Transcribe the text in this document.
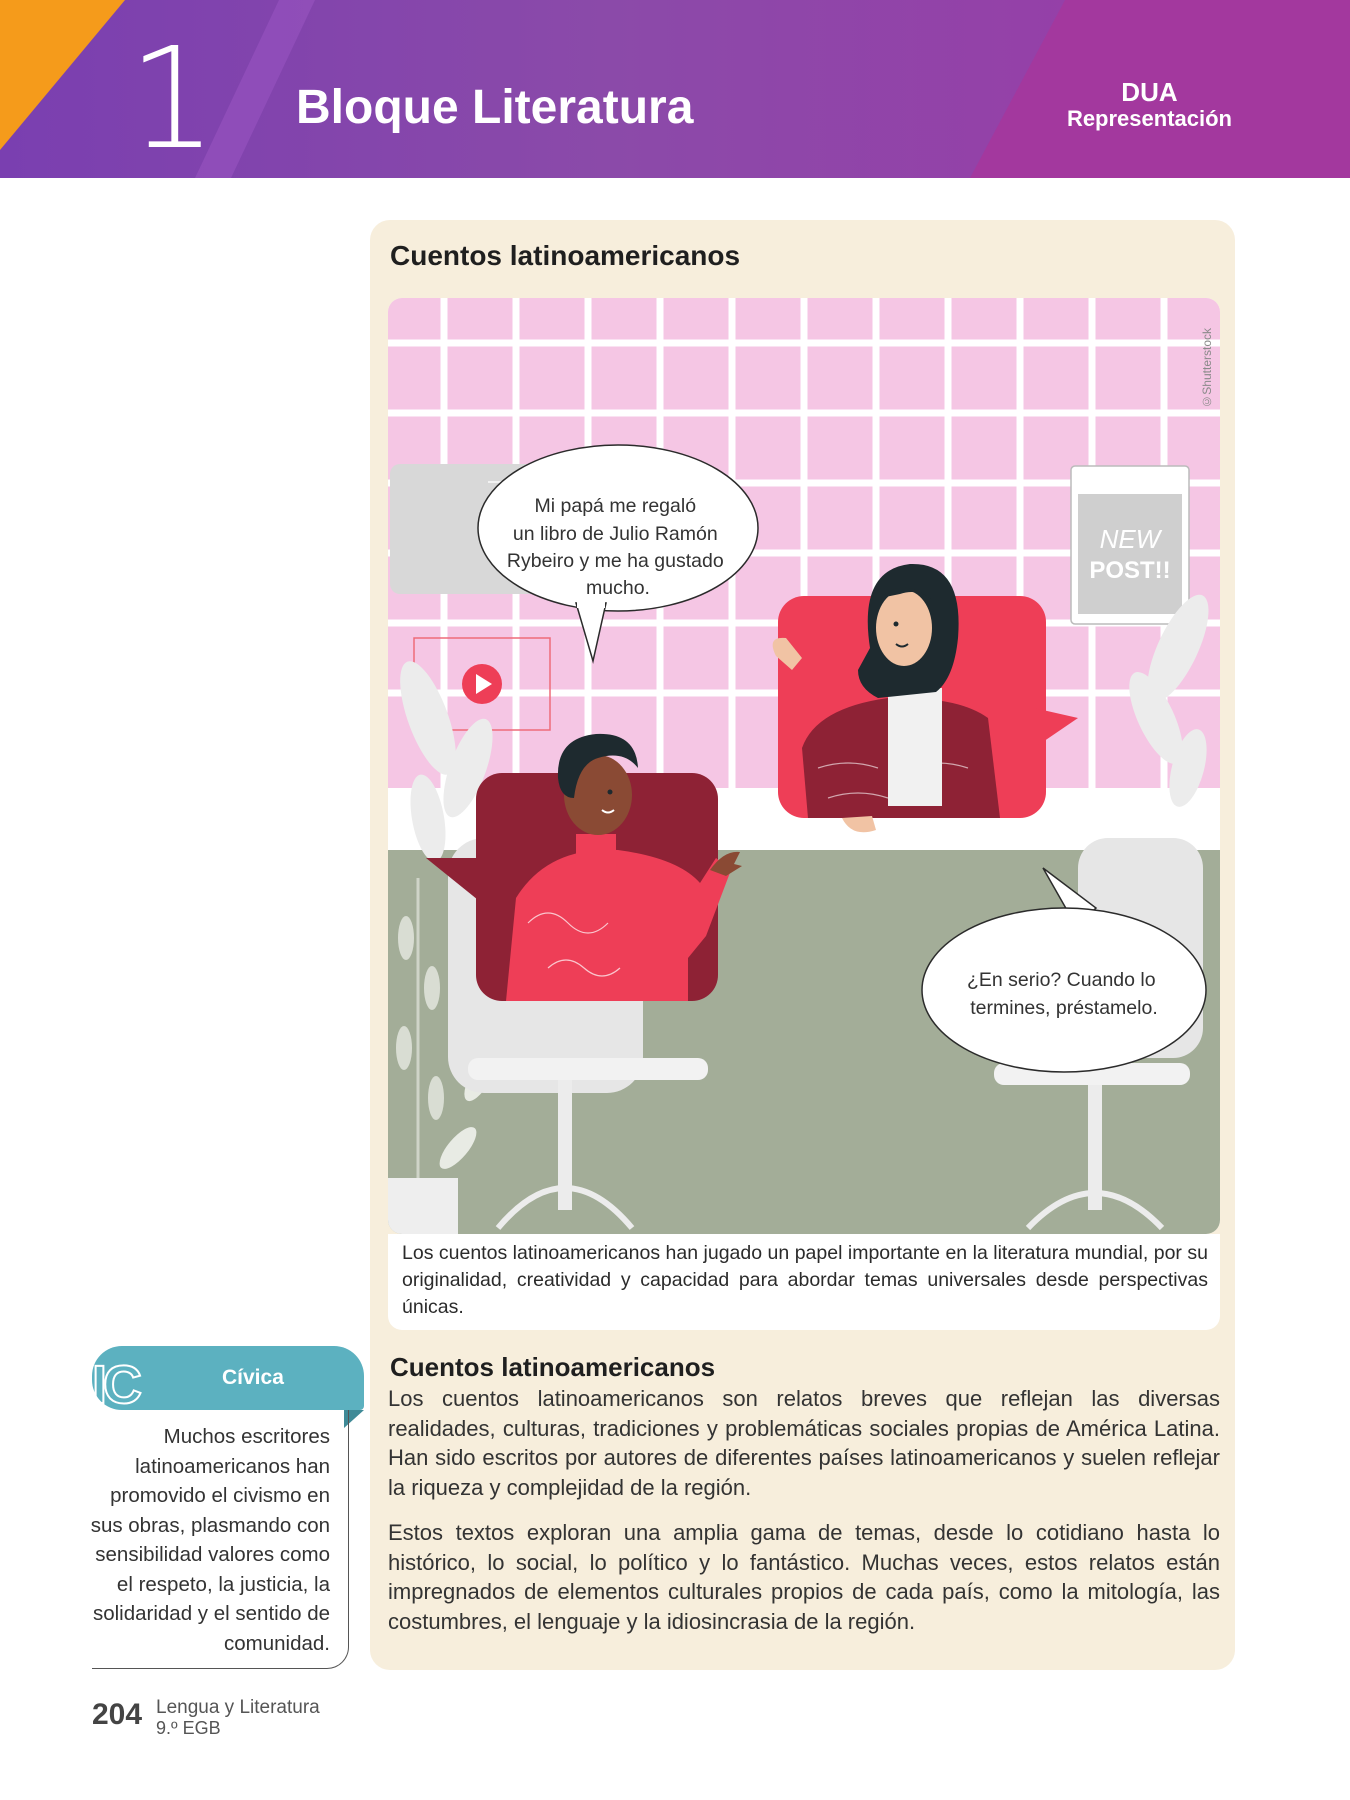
1 Bloque Literatura	DUA
Representación
Cuentos latinoamericanos
NEW
POST!!
Mi papá me regaló un libro de Julio Ramón Rybeiro y me ha gustado mucho.
¿En serio? Cuando lo termines, préstamelo.
©Shutterstock
Los cuentos latinoamericanos han jugado un papel importante en la literatura mundial, por su originalidad, creatividad y capacidad para abordar temas universales desde perspectivas únicas.
Cuentos latinoamericanos

Los cuentos latinoamericanos son relatos breves que reflejan las diversas realidades, culturas, tradiciones y problemáticas sociales propias de América Latina. Han sido escritos por autores de diferentes países latinoamericanos y suelen reflejar la riqueza y complejidad de la región.

Estos textos exploran una amplia gama de temas, desde lo cotidiano hasta lo histórico, lo social, lo político y lo fantástico. Muchas veces, estos relatos están impregnados de elementos culturales propios de cada país, como la mitología, las costumbres, el lenguaje y la idiosincrasia de la región.

IC	Cívica
Muchos escritores latinoamericanos han promovido el civismo en sus obras, plasmando con sensibilidad valores como el respeto, la justicia, la solidaridad y el sentido de comunidad.
204 Lengua y Literatura
9.º EGB
